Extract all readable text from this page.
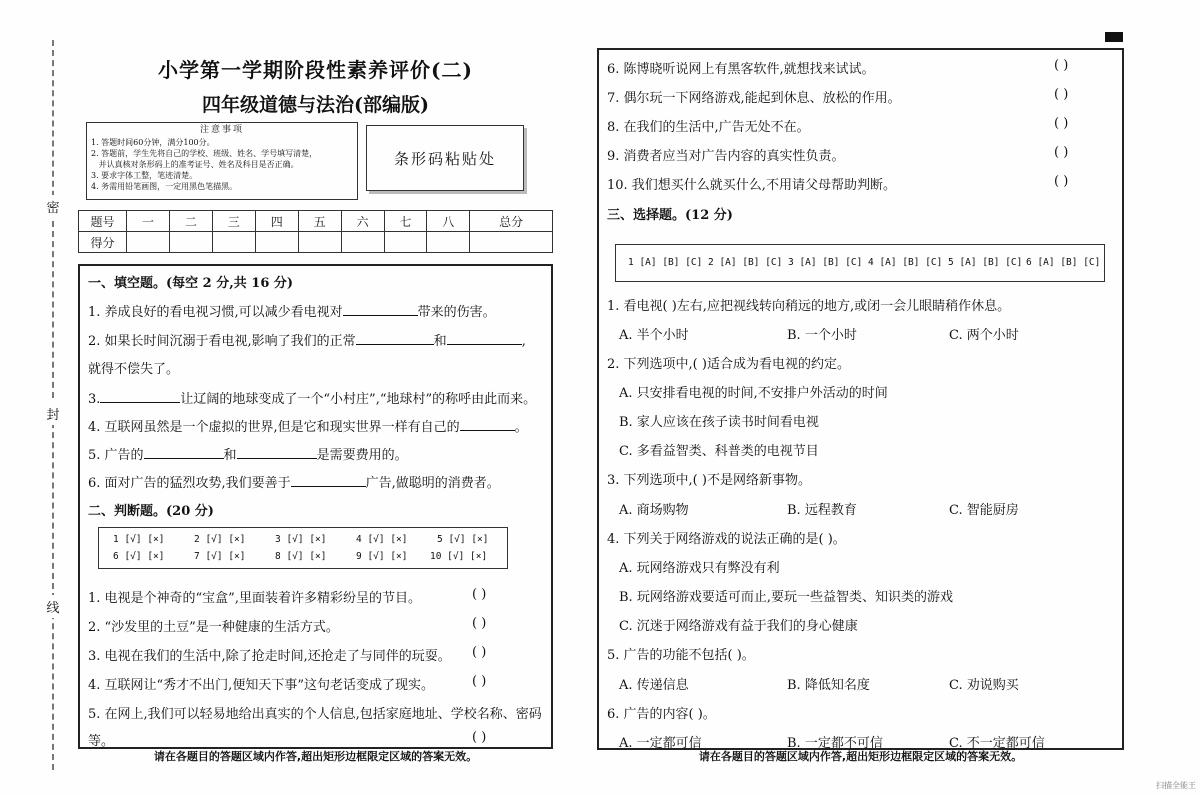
密
封
线
小学第一学期阶段性素养评价(二)
四年级道德与法治(部编版)
注意事项
1. 答题时间60分钟，满分100分。
2. 答题前，学生先将自己的学校、班级、姓名、学号填写清楚，
并认真核对条形码上的准考证号、姓名及科目是否正确。
3. 要求字体工整，笔迹清楚。
4. 务需用铅笔画图，一定用黑色笔描黑。
条形码粘贴处
题号	一	二	三	四	五	六	七	八	总分
得分									
一、填空题。(每空 2 分,共 16 分)
1. 养成良好的看电视习惯,可以减少看电视对	带来的伤害。
2. 如果长时间沉溺于看电视,影响了我们的正常	和	,
就得不偿失了。
3.	让辽阔的地球变成了一个“小村庄”,“地球村”的称呼由此而来。
4. 互联网虽然是一个虚拟的世界,但是它和现实世界一样有自己的	。
5. 广告的	和	是需要费用的。
6. 面对广告的猛烈攻势,我们要善于	广告,做聪明的消费者。
二、判断题。(20 分)
1 [√] [×]	2 [√] [×]	3 [√] [×]	4 [√] [×]	5 [√] [×]
6 [√] [×]	7 [√] [×]	8 [√] [×]	9 [√] [×] 10 [√] [×]
1. 电视是个神奇的“宝盒”,里面装着许多精彩纷呈的节目。	( )
2. “沙发里的土豆”是一种健康的生活方式。	( )
3. 电视在我们的生活中,除了抢走时间,还抢走了与同伴的玩耍。 ( )
4. 互联网让“秀才不出门,便知天下事”这句老话变成了现实。	( )
5. 在网上,我们可以轻易地给出真实的个人信息,包括家庭地址、学校名称、密码
等。	( )
请在各题目的答题区域内作答,超出矩形边框限定区域的答案无效。
6. 陈博晓听说网上有黑客软件,就想找来试试。	( )
7. 偶尔玩一下网络游戏,能起到休息、放松的作用。	( )
8. 在我们的生活中,广告无处不在。	( )
9. 消费者应当对广告内容的真实性负责。	( )
10. 我们想买什么就买什么,不用请父母帮助判断。	( )
三、选择题。(12 分)
1 [A] [B] [C] 2 [A] [B] [C] 3 [A] [B] [C] 4 [A] [B] [C] 5 [A] [B] [C] 6 [A] [B] [C]
1. 看电视( )左右,应把视线转向稍远的地方,或闭一会儿眼睛稍作休息。
A. 半个小时	B. 一个小时	C. 两个小时
2. 下列选项中,( )适合成为看电视的约定。
A. 只安排看电视的时间,不安排户外活动的时间
B. 家人应该在孩子读书时间看电视
C. 多看益智类、科普类的电视节目
3. 下列选项中,( )不是网络新事物。
A. 商场购物	B. 远程教育	C. 智能厨房
4. 下列关于网络游戏的说法正确的是( )。
A. 玩网络游戏只有弊没有利
B. 玩网络游戏要适可而止,要玩一些益智类、知识类的游戏
C. 沉迷于网络游戏有益于我们的身心健康
5. 广告的功能不包括( )。
A. 传递信息	B. 降低知名度	C. 劝说购买
6. 广告的内容( )。
A. 一定都可信	B. 一定都不可信	C. 不一定都可信
请在各题目的答题区域内作答,超出矩形边框限定区域的答案无效。
扫描全能王
